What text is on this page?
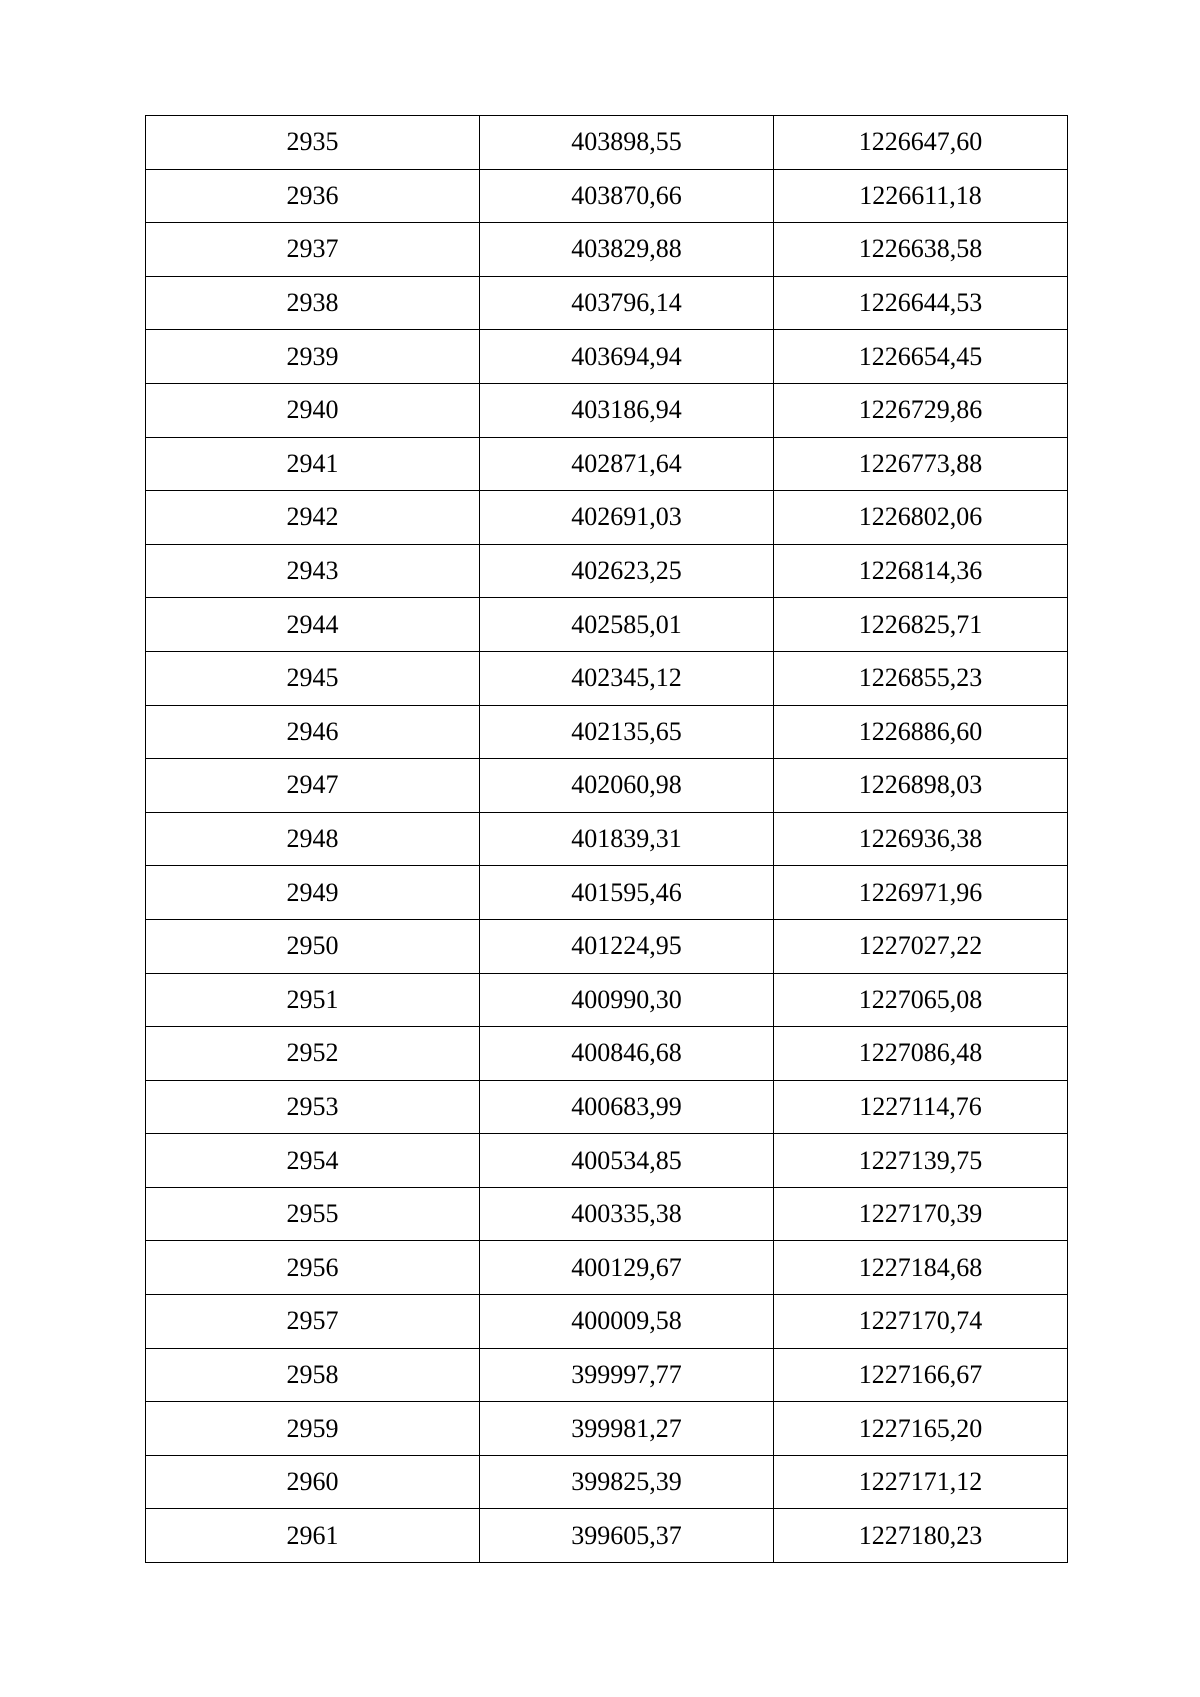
2935	403898,55	1226647,60
2936	403870,66	1226611,18
2937	403829,88	1226638,58
2938	403796,14	1226644,53
2939	403694,94	1226654,45
2940	403186,94	1226729,86
2941	402871,64	1226773,88
2942	402691,03	1226802,06
2943	402623,25	1226814,36
2944	402585,01	1226825,71
2945	402345,12	1226855,23
2946	402135,65	1226886,60
2947	402060,98	1226898,03
2948	401839,31	1226936,38
2949	401595,46	1226971,96
2950	401224,95	1227027,22
2951	400990,30	1227065,08
2952	400846,68	1227086,48
2953	400683,99	1227114,76
2954	400534,85	1227139,75
2955	400335,38	1227170,39
2956	400129,67	1227184,68
2957	400009,58	1227170,74
2958	399997,77	1227166,67
2959	399981,27	1227165,20
2960	399825,39	1227171,12
2961	399605,37	1227180,23
